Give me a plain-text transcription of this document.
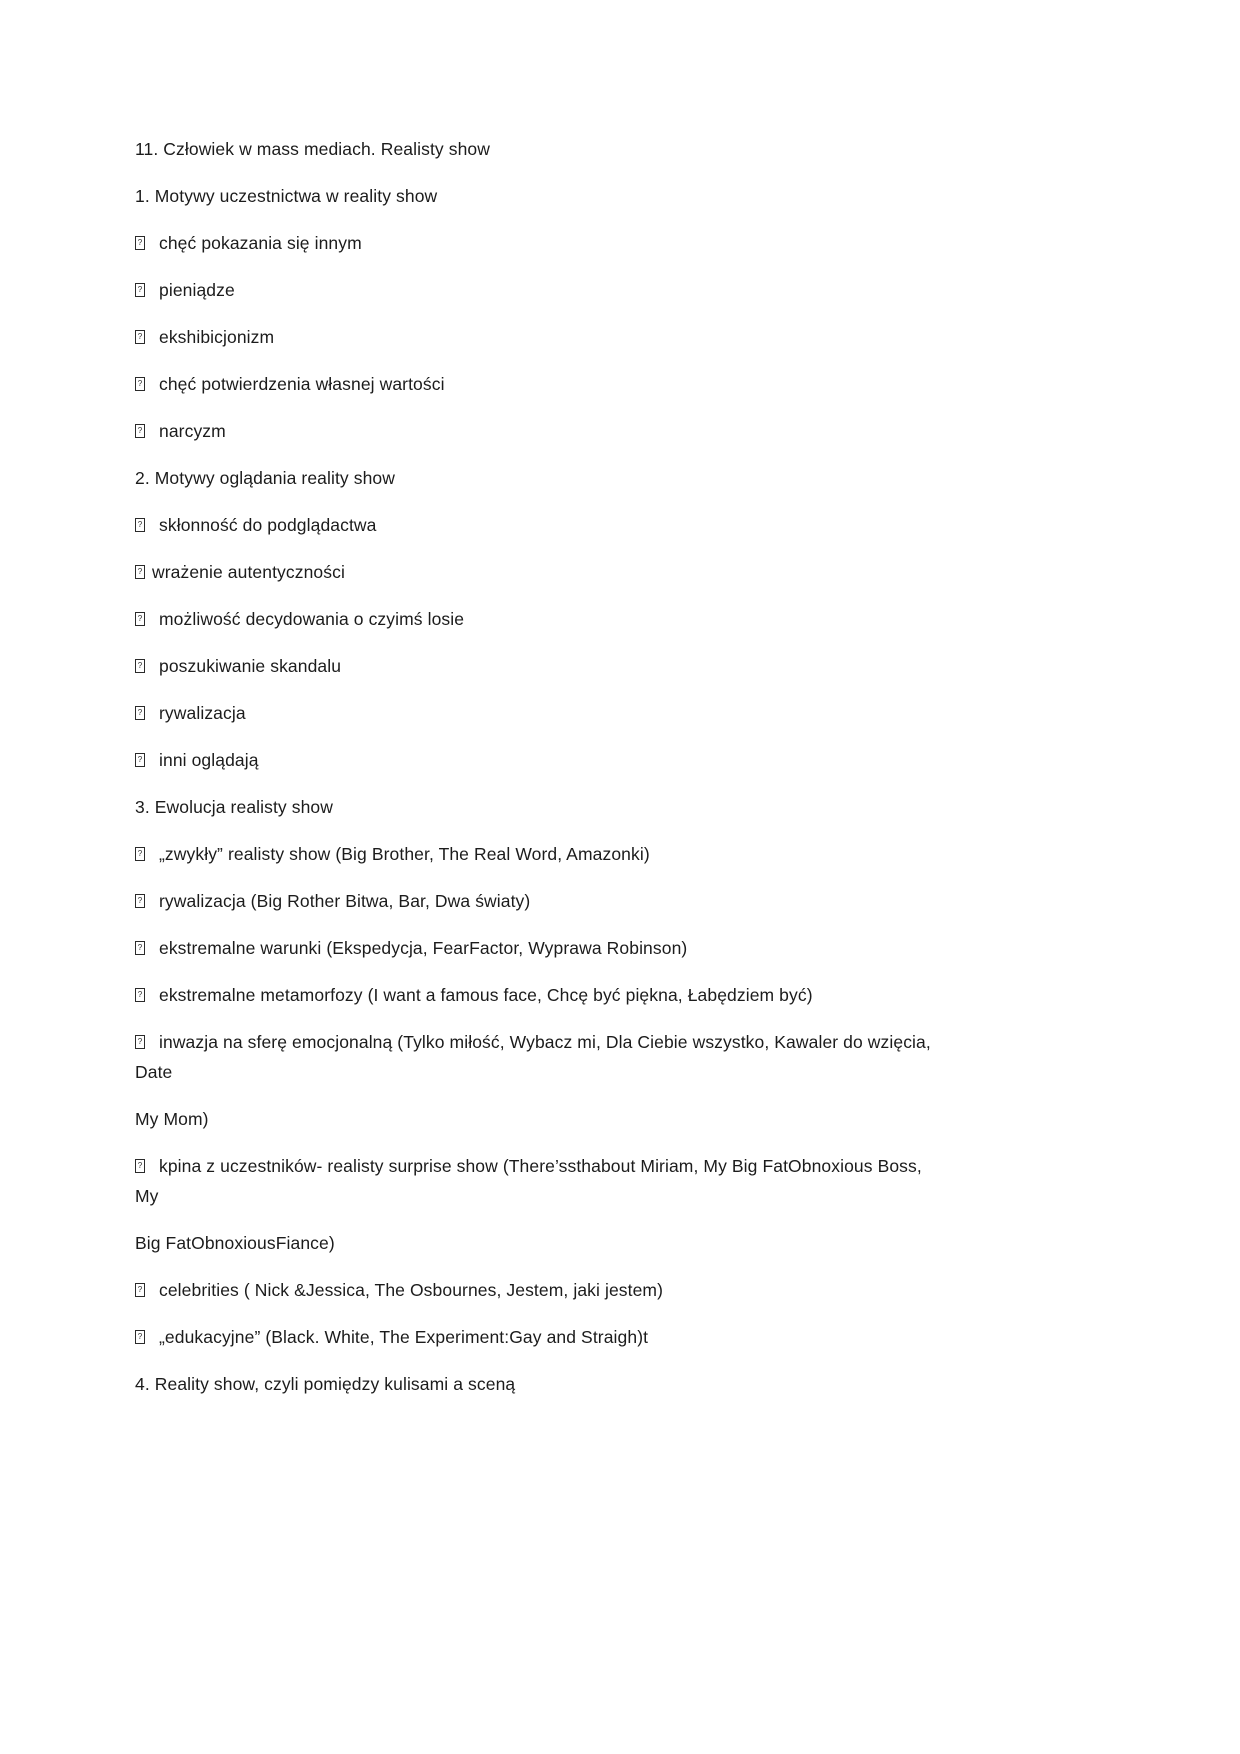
11. Człowiek w mass mediach. Realisty show
1. Motywy uczestnictwa w reality show
? chęć pokazania się innym
? pieniądze
? ekshibicjonizm
? chęć potwierdzenia własnej wartości
? narcyzm
2. Motywy oglądania reality show
? skłonność do podglądactwa
? wrażenie autentyczności
? możliwość decydowania o czyimś losie
? poszukiwanie skandalu
? rywalizacja
? inni oglądają
3. Ewolucja realisty show
? „zwykły” realisty show (Big Brother, The Real Word, Amazonki)
? rywalizacja (Big Rother Bitwa, Bar, Dwa światy)
? ekstremalne warunki (Ekspedycja, FearFactor, Wyprawa Robinson)
? ekstremalne metamorfozy (I want a famous face, Chcę być piękna, Łabędziem być)
? inwazja na sferę emocjonalną (Tylko miłość, Wybacz mi, Dla Ciebie wszystko, Kawaler do wzięcia,
Date
My Mom)
? kpina z uczestników- realisty surprise show (There’ssthabout Miriam, My Big FatObnoxious Boss,
My
Big FatObnoxiousFiance)
? celebrities ( Nick &Jessica, The Osbournes, Jestem, jaki jestem)
? „edukacyjne” (Black. White, The Experiment:Gay and Straigh)t
4. Reality show, czyli pomiędzy kulisami a sceną
